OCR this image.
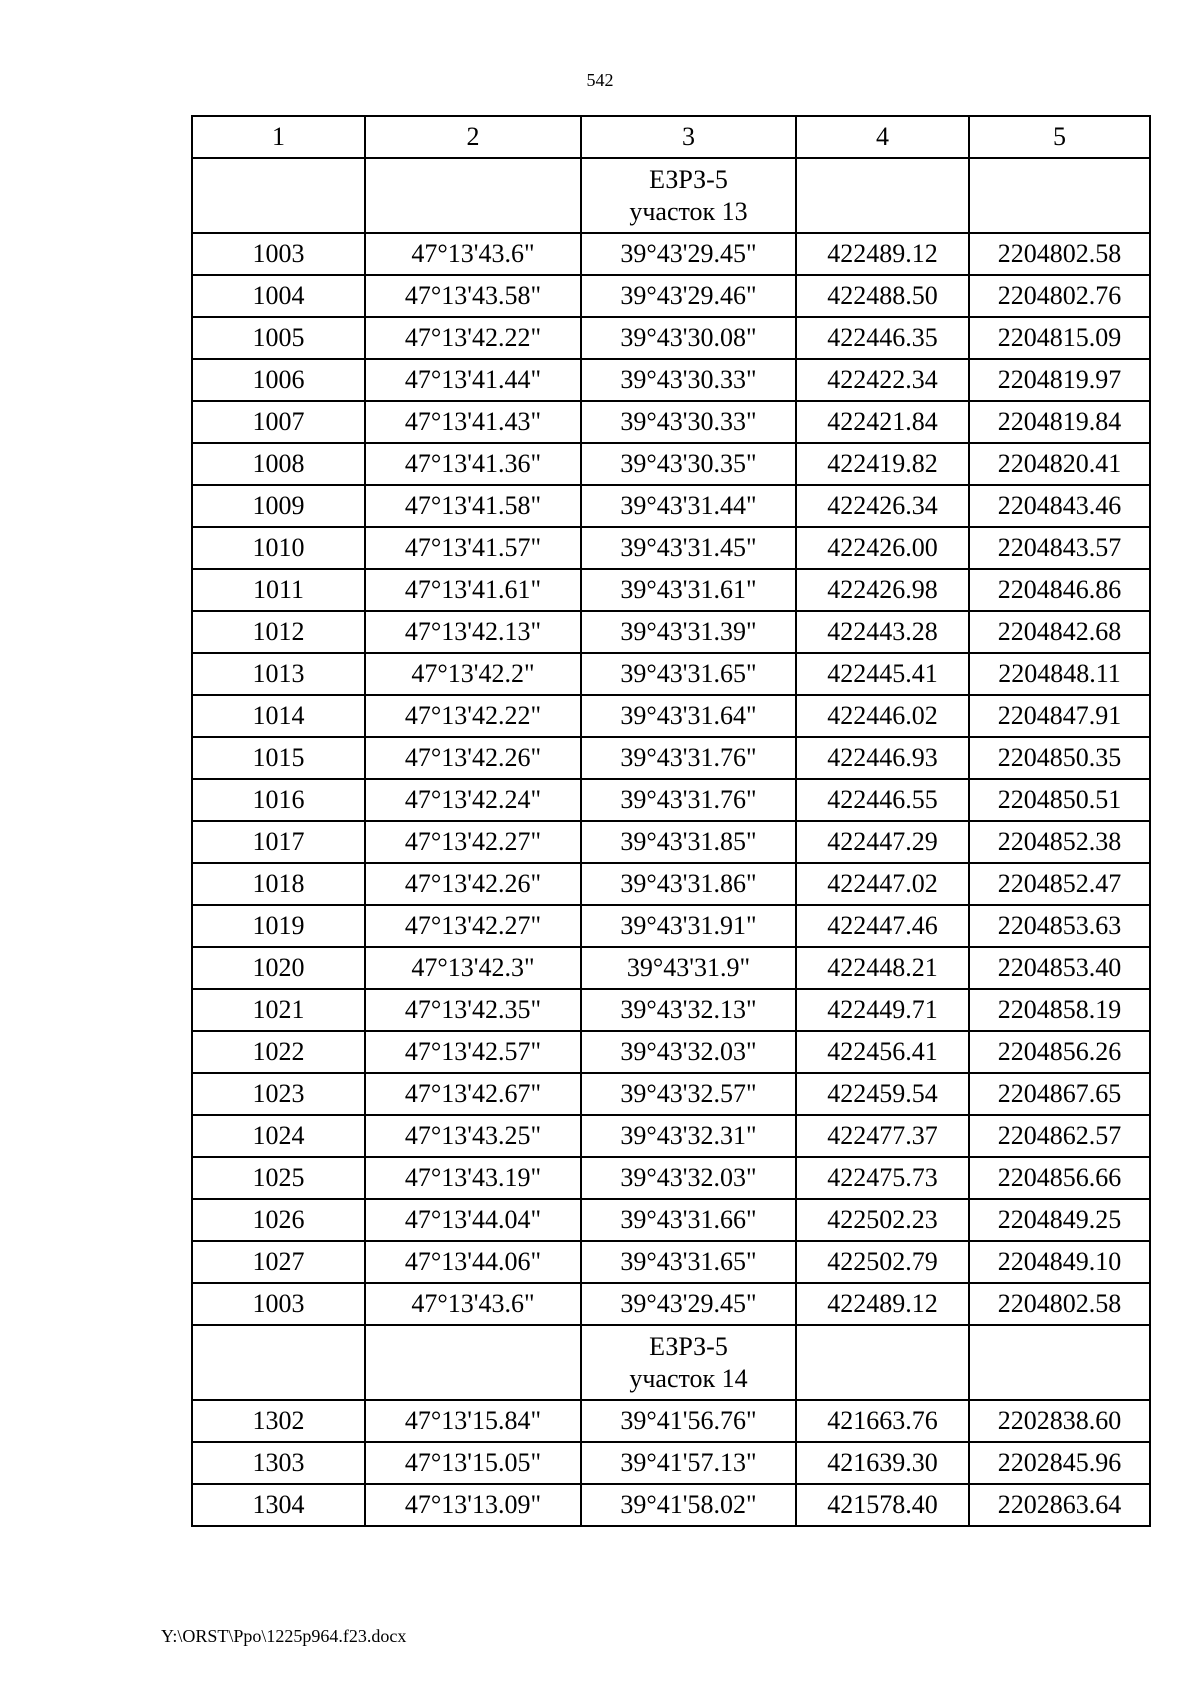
542
1	2	3	4	5

		ЕЗРЗ-5
участок 13		

1003	47°13'43.6"	39°43'29.45"	422489.12	2204802.58
1004	47°13'43.58"	39°43'29.46"	422488.50	2204802.76
1005	47°13'42.22"	39°43'30.08"	422446.35	2204815.09
1006	47°13'41.44"	39°43'30.33"	422422.34	2204819.97
1007	47°13'41.43"	39°43'30.33"	422421.84	2204819.84
1008	47°13'41.36"	39°43'30.35"	422419.82	2204820.41
1009	47°13'41.58"	39°43'31.44"	422426.34	2204843.46
1010	47°13'41.57"	39°43'31.45"	422426.00	2204843.57
1011	47°13'41.61"	39°43'31.61"	422426.98	2204846.86
1012	47°13'42.13"	39°43'31.39"	422443.28	2204842.68
1013	47°13'42.2"	39°43'31.65"	422445.41	2204848.11
1014	47°13'42.22"	39°43'31.64"	422446.02	2204847.91
1015	47°13'42.26"	39°43'31.76"	422446.93	2204850.35
1016	47°13'42.24"	39°43'31.76"	422446.55	2204850.51
1017	47°13'42.27"	39°43'31.85"	422447.29	2204852.38
1018	47°13'42.26"	39°43'31.86"	422447.02	2204852.47
1019	47°13'42.27"	39°43'31.91"	422447.46	2204853.63
1020	47°13'42.3"	39°43'31.9"	422448.21	2204853.40
1021	47°13'42.35"	39°43'32.13"	422449.71	2204858.19
1022	47°13'42.57"	39°43'32.03"	422456.41	2204856.26
1023	47°13'42.67"	39°43'32.57"	422459.54	2204867.65
1024	47°13'43.25"	39°43'32.31"	422477.37	2204862.57
1025	47°13'43.19"	39°43'32.03"	422475.73	2204856.66
1026	47°13'44.04"	39°43'31.66"	422502.23	2204849.25
1027	47°13'44.06"	39°43'31.65"	422502.79	2204849.10
1003	47°13'43.6"	39°43'29.45"	422489.12	2204802.58

		ЕЗРЗ-5
участок 14		

1302	47°13'15.84"	39°41'56.76"	421663.76	2202838.60
1303	47°13'15.05"	39°41'57.13"	421639.30	2202845.96
1304	47°13'13.09"	39°41'58.02"	421578.40	2202863.64
Y:\ORST\Ppo\1225p964.f23.docx
